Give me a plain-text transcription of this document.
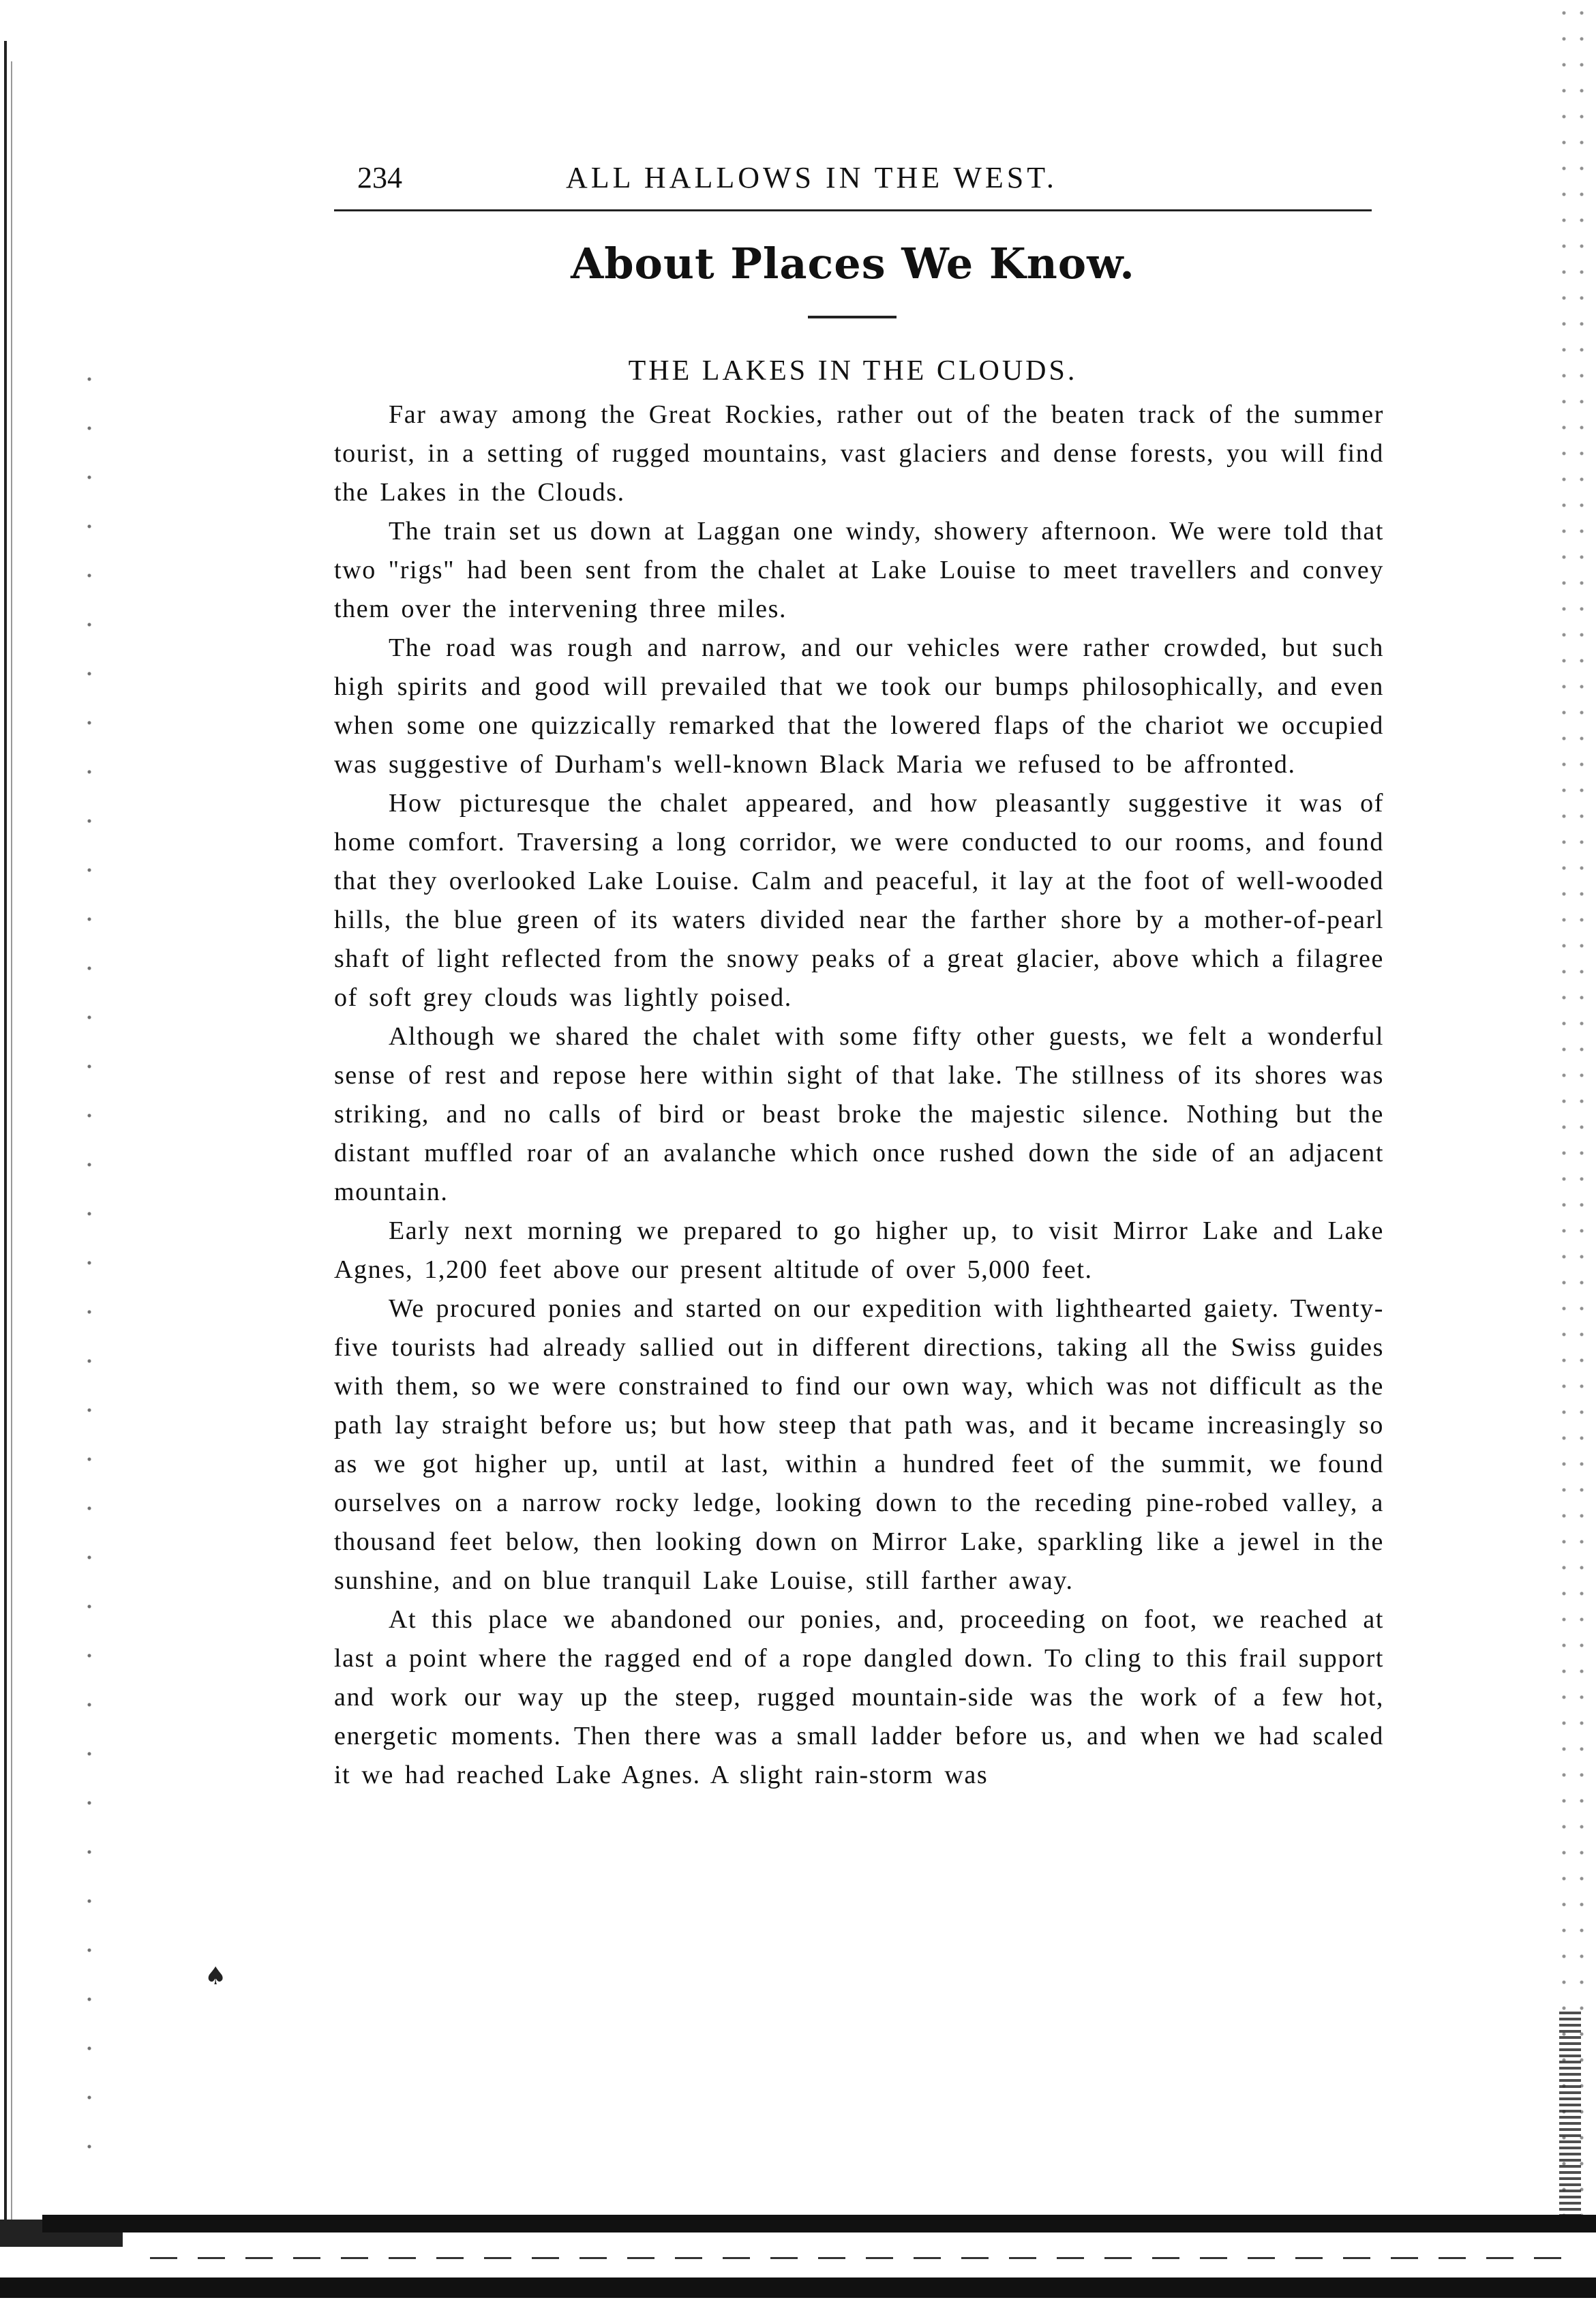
♠
234	ALL HALLOWS IN THE WEST.
About Places We Know.
THE LAKES IN THE CLOUDS.

Far away among the Great Rockies, rather out of the beaten track of the summer tourist, in a setting of rugged mountains, vast glaciers and dense forests, you will find the Lakes in the Clouds.

The train set us down at Laggan one windy, showery afternoon. We were told that two "rigs" had been sent from the chalet at Lake Louise to meet travellers and convey them over the intervening three miles.

The road was rough and narrow, and our vehicles were rather crowded, but such high spirits and good will prevailed that we took our bumps philosophically, and even when some one quizzically remarked that the lowered flaps of the chariot we occupied was suggestive of Durham's well-known Black Maria we refused to be affronted.

How picturesque the chalet appeared, and how pleasantly suggestive it was of home comfort. Traversing a long corridor, we were conducted to our rooms, and found that they overlooked Lake Louise. Calm and peaceful, it lay at the foot of well-wooded hills, the blue green of its waters divided near the farther shore by a mother-of-pearl shaft of light reflected from the snowy peaks of a great glacier, above which a filagree of soft grey clouds was lightly poised.

Although we shared the chalet with some fifty other guests, we felt a wonderful sense of rest and repose here within sight of that lake. The stillness of its shores was striking, and no calls of bird or beast broke the majestic silence. Nothing but the distant muffled roar of an avalanche which once rushed down the side of an adjacent mountain.

Early next morning we prepared to go higher up, to visit Mirror Lake and Lake Agnes, 1,200 feet above our present altitude of over 5,000 feet.

We procured ponies and started on our expedition with lighthearted gaiety. Twenty-five tourists had already sallied out in different directions, taking all the Swiss guides with them, so we were constrained to find our own way, which was not difficult as the path lay straight before us; but how steep that path was, and it became increasingly so as we got higher up, until at last, within a hundred feet of the summit, we found ourselves on a narrow rocky ledge, looking down to the receding pine-robed valley, a thousand feet below, then looking down on Mirror Lake, sparkling like a jewel in the sunshine, and on blue tranquil Lake Louise, still farther away.

At this place we abandoned our ponies, and, proceeding on foot, we reached at last a point where the ragged end of a rope dangled down. To cling to this frail support and work our way up the steep, rugged mountain-side was the work of a few hot, energetic moments. Then there was a small ladder before us, and when we had scaled it we had reached Lake Agnes. A slight rain-storm was
